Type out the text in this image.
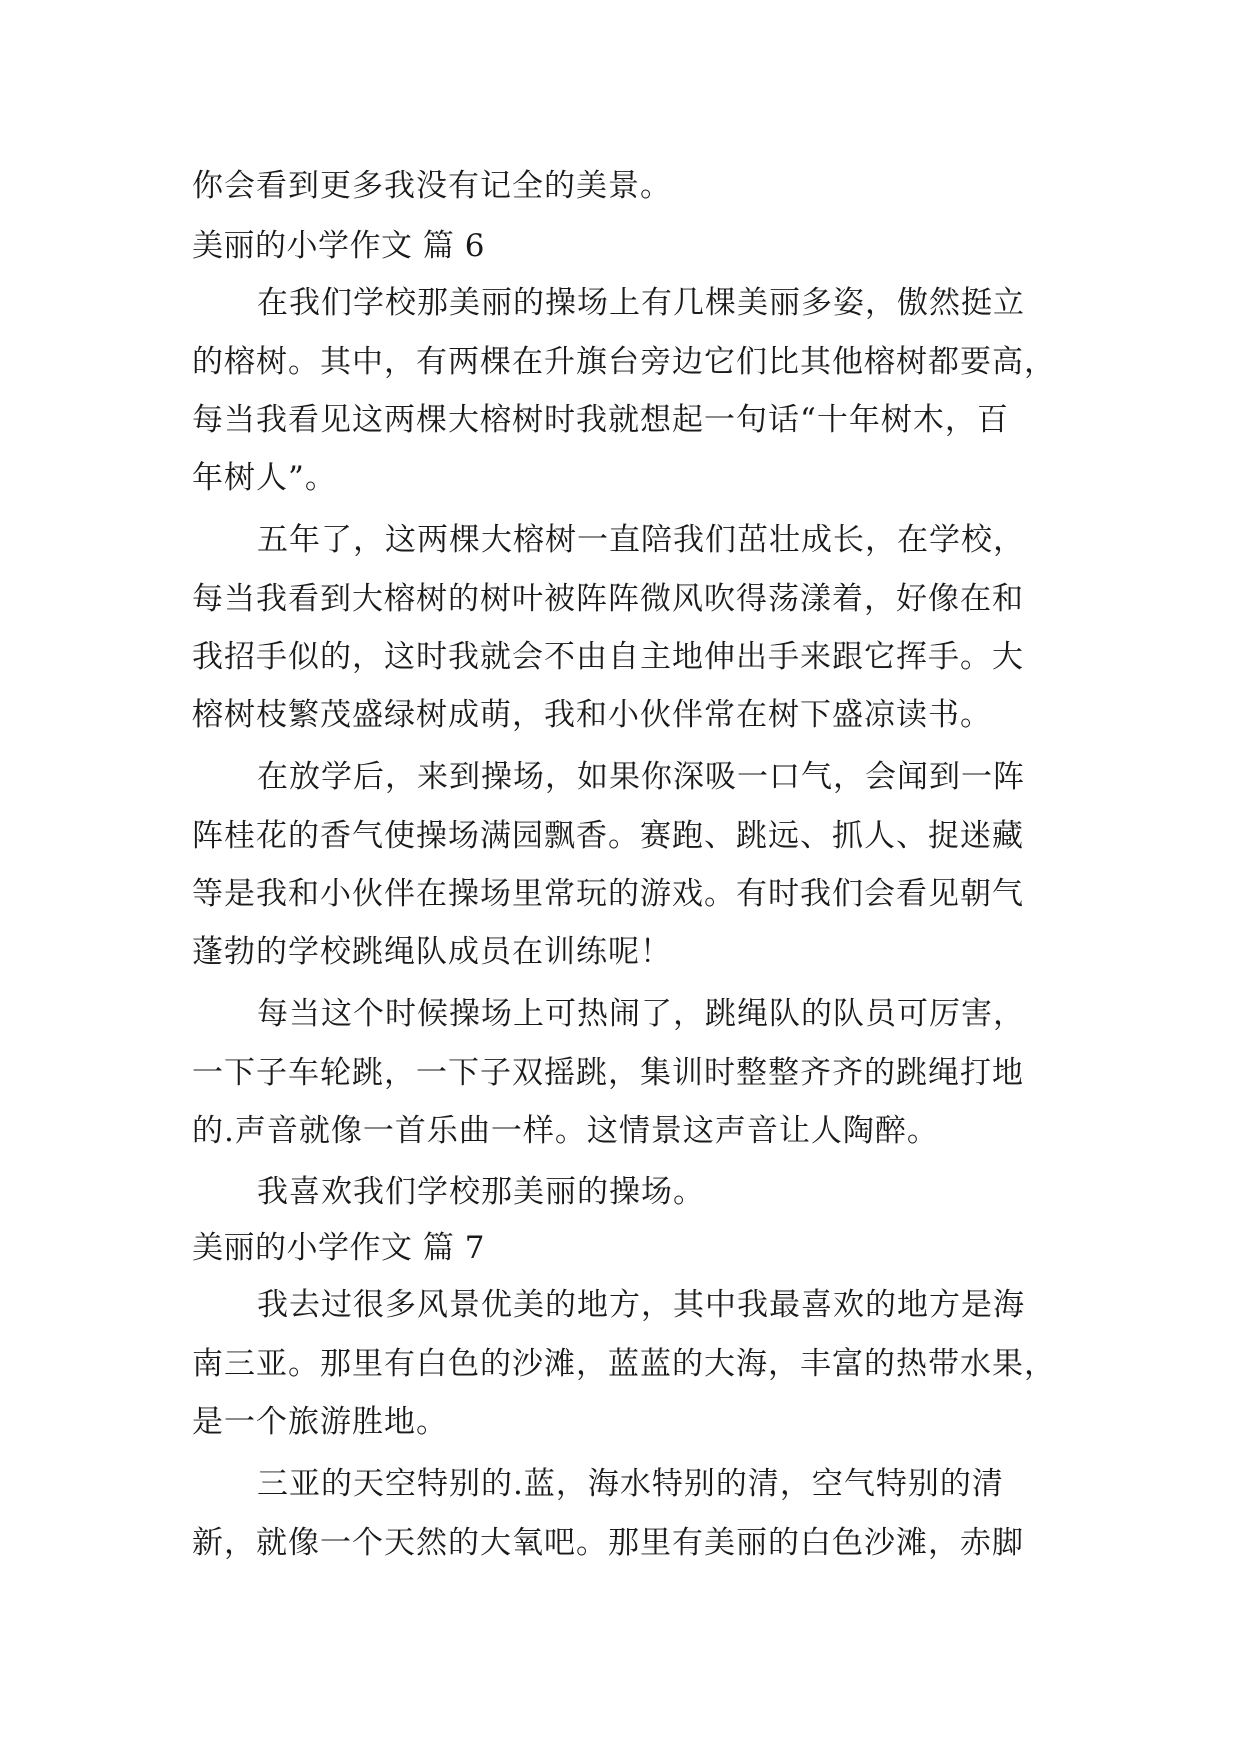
你会看到更多我没有记全的美景。
美丽的小学作文 篇 6
在我们学校那美丽的操场上有几棵美丽多姿，傲然挺立
的榕树。其中，有两棵在升旗台旁边它们比其他榕树都要高，
每当我看见这两棵大榕树时我就想起一句话“十年树木，百
年树人”。
五年了，这两棵大榕树一直陪我们茁壮成长，在学校，
每当我看到大榕树的树叶被阵阵微风吹得荡漾着，好像在和
我招手似的，这时我就会不由自主地伸出手来跟它挥手。大
榕树枝繁茂盛绿树成萌，我和小伙伴常在树下盛凉读书。
在放学后，来到操场，如果你深吸一口气，会闻到一阵
阵桂花的香气使操场满园飘香。赛跑、跳远、抓人、捉迷藏
等是我和小伙伴在操场里常玩的游戏。有时我们会看见朝气
蓬勃的学校跳绳队成员在训练呢！
每当这个时候操场上可热闹了，跳绳队的队员可厉害，
一下子车轮跳，一下子双摇跳，集训时整整齐齐的跳绳打地
的.声音就像一首乐曲一样。这情景这声音让人陶醉。
我喜欢我们学校那美丽的操场。
美丽的小学作文 篇 7
我去过很多风景优美的地方，其中我最喜欢的地方是海
南三亚。那里有白色的沙滩，蓝蓝的大海，丰富的热带水果，
是一个旅游胜地。
三亚的天空特别的.蓝，海水特别的清，空气特别的清
新，就像一个天然的大氧吧。那里有美丽的白色沙滩，赤脚
